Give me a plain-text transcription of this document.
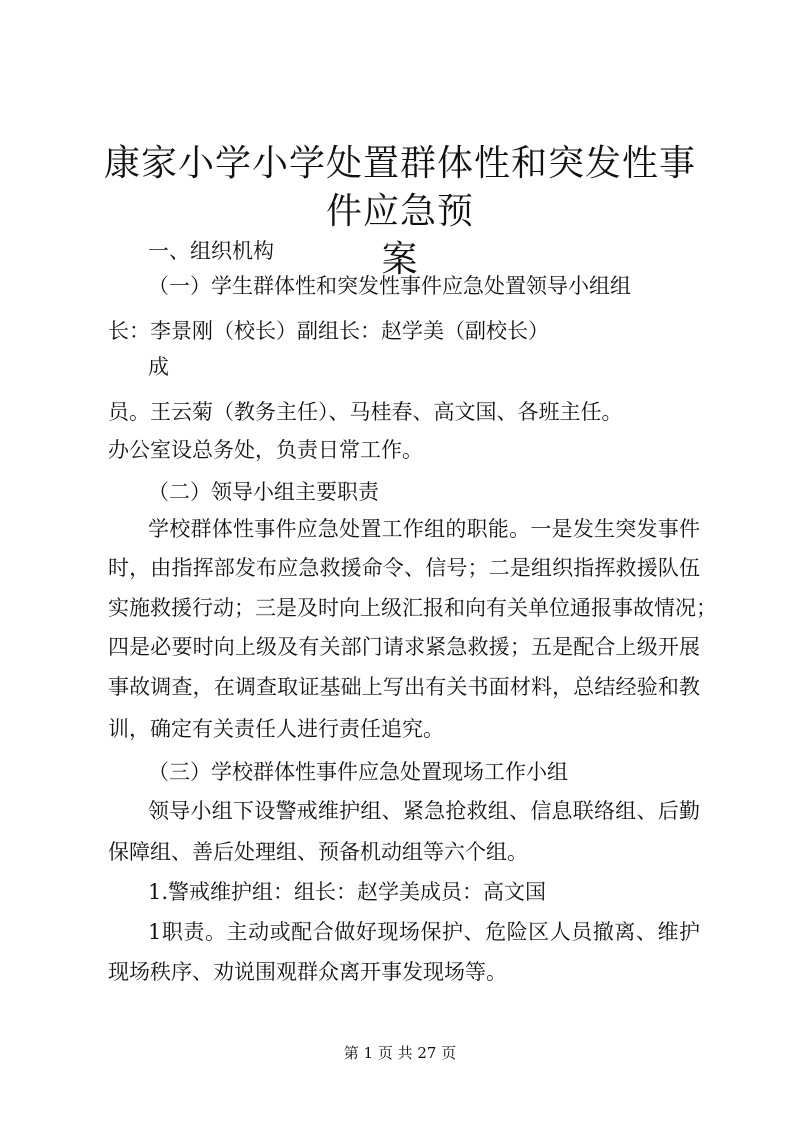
康家小学小学处置群体性和突发性事件应急预
案
一、组织机构
（一）学生群体性和突发性事件应急处置领导小组组
长：李景刚（校长）副组长：赵学美（副校长）
成
员。王云菊（教务主任）、马桂春、高文国、各班主任。
办公室设总务处，负责日常工作。
（二）领导小组主要职责
学校群体性事件应急处置工作组的职能。一是发生突发事件
时，由指挥部发布应急救援命令、信号；二是组织指挥救援队伍
实施救援行动；三是及时向上级汇报和向有关单位通报事故情况；
四是必要时向上级及有关部门请求紧急救援；五是配合上级开展
事故调查，在调查取证基础上写出有关书面材料，总结经验和教
训，确定有关责任人进行责任追究。
（三）学校群体性事件应急处置现场工作小组
领导小组下设警戒维护组、紧急抢救组、信息联络组、后勤
保障组、善后处理组、预备机动组等六个组。
1.警戒维护组：组长：赵学美成员：高文国
1职责。主动或配合做好现场保护、危险区人员撤离、维护
现场秩序、劝说围观群众离开事发现场等。
第 1 页 共 27 页
